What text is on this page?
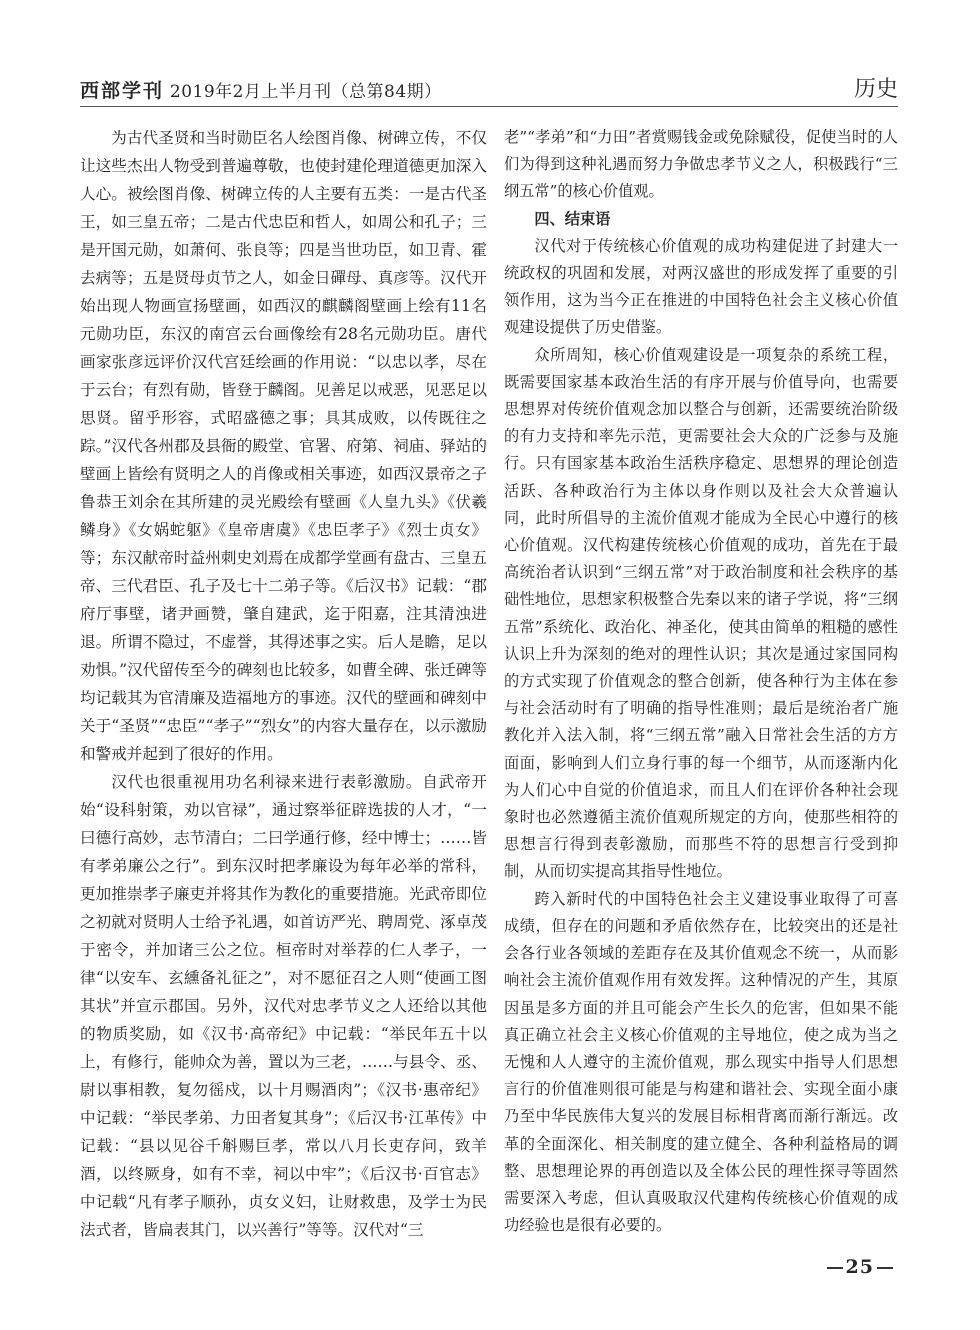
西部学刊 2019年2月上半月刊（总第84期）	历史

为古代圣贤和当时勋臣名人绘图肖像、树碑立传，不仅让这些杰出人物受到普遍尊敬，也使封建伦理道德更加深入人心。被绘图肖像、树碑立传的人主要有五类：一是古代圣王，如三皇五帝；二是古代忠臣和哲人，如周公和孔子；三是开国元勋，如萧何、张良等；四是当世功臣，如卫青、霍去病等；五是贤母贞节之人，如金日磾母、真彦等。汉代开始出现人物画宣扬壁画，如西汉的麒麟阁壁画上绘有11名元勋功臣，东汉的南宫云台画像绘有28名元勋功臣。唐代画家张彦远评价汉代宫廷绘画的作用说：“以忠以孝，尽在于云台；有烈有勋，皆登于麟阁。见善足以戒恶，见恶足以思贤。留乎形容，式昭盛德之事；具其成败，以传既往之踪。”汉代各州郡及县衙的殿堂、官署、府第、祠庙、驿站的壁画上皆绘有贤明之人的肖像或相关事迹，如西汉景帝之子鲁恭王刘余在其所建的灵光殿绘有壁画《人皇九头》《伏羲鳞身》《女娲蛇躯》《皇帝唐虞》《忠臣孝子》《烈士贞女》等；东汉献帝时益州刺史刘焉在成都学堂画有盘古、三皇五帝、三代君臣、孔子及七十二弟子等。《后汉书》记载：“郡府厅事壁，诸尹画赞，肇自建武，迄于阳嘉，注其清浊进退。所谓不隐过，不虚誉，其得述事之实。后人是瞻，足以劝惧。”汉代留传至今的碑刻也比较多，如曹全碑、张迁碑等均记载其为官清廉及造福地方的事迹。汉代的壁画和碑刻中关于“圣贤”“忠臣”“孝子”“烈女”的内容大量存在，以示激励和警戒并起到了很好的作用。

汉代也很重视用功名利禄来进行表彰激励。自武帝开始“设科射策，劝以官禄”，通过察举征辟选拔的人才，“一曰德行高妙，志节清白；二曰学通行修，经中博士；……皆有孝弟廉公之行”。到东汉时把孝廉设为每年必举的常科，更加推崇孝子廉吏并将其作为教化的重要措施。光武帝即位之初就对贤明人士给予礼遇，如首访严光、聘周党、涿卓茂于密令，并加诸三公之位。桓帝时对举荐的仁人孝子，一律“以安车、玄纁备礼征之”，对不愿征召之人则“使画工图其状”并宣示郡国。另外，汉代对忠孝节义之人还给以其他的物质奖励，如《汉书·高帝纪》中记载：“举民年五十以上，有修行，能帅众为善，置以为三老，……与县令、丞、尉以事相教，复勿徭戍，以十月赐酒肉”；《汉书·惠帝纪》中记载：“举民孝弟、力田者复其身”；《后汉书·江革传》中记载：“县以见谷千斛赐巨孝，常以八月长吏存问，致羊酒，以终厥身，如有不幸，祠以中牢”；《后汉书·百官志》中记载“凡有孝子顺孙，贞女义妇，让财救患，及学士为民法式者，皆扁表其门，以兴善行”等等。汉代对“三

老”“孝弟”和“力田”者赏赐钱金或免除赋役，促使当时的人们为得到这种礼遇而努力争做忠孝节义之人，积极践行“三纲五常”的核心价值观。

四、结束语

汉代对于传统核心价值观的成功构建促进了封建大一统政权的巩固和发展，对两汉盛世的形成发挥了重要的引领作用，这为当今正在推进的中国特色社会主义核心价值观建设提供了历史借鉴。

众所周知，核心价值观建设是一项复杂的系统工程，既需要国家基本政治生活的有序开展与价值导向，也需要思想界对传统价值观念加以整合与创新，还需要统治阶级的有力支持和率先示范，更需要社会大众的广泛参与及施行。只有国家基本政治生活秩序稳定、思想界的理论创造活跃、各种政治行为主体以身作则以及社会大众普遍认同，此时所倡导的主流价值观才能成为全民心中遵行的核心价值观。汉代构建传统核心价值观的成功，首先在于最高统治者认识到“三纲五常”对于政治制度和社会秩序的基础性地位，思想家积极整合先秦以来的诸子学说，将“三纲五常”系统化、政治化、神圣化，使其由简单的粗糙的感性认识上升为深刻的绝对的理性认识；其次是通过家国同构的方式实现了价值观念的整合创新，使各种行为主体在参与社会活动时有了明确的指导性准则；最后是统治者广施教化并入法入制，将“三纲五常”融入日常社会生活的方方面面，影响到人们立身行事的每一个细节，从而逐渐内化为人们心中自觉的价值追求，而且人们在评价各种社会现象时也必然遵循主流价值观所规定的方向，使那些相符的思想言行得到表彰激励，而那些不符的思想言行受到抑制，从而切实提高其指导性地位。

跨入新时代的中国特色社会主义建设事业取得了可喜成绩，但存在的问题和矛盾依然存在，比较突出的还是社会各行业各领域的差距存在及其价值观念不统一，从而影响社会主流价值观作用有效发挥。这种情况的产生，其原因虽是多方面的并且可能会产生长久的危害，但如果不能真正确立社会主义核心价值观的主导地位，使之成为当之无愧和人人遵守的主流价值观，那么现实中指导人们思想言行的价值准则很可能是与构建和谐社会、实现全面小康乃至中华民族伟大复兴的发展目标相背离而渐行渐远。改革的全面深化、相关制度的建立健全、各种利益格局的调整、思想理论界的再创造以及全体公民的理性探寻等固然需要深入考虑，但认真吸取汉代建构传统核心价值观的成功经验也是很有必要的。

25
